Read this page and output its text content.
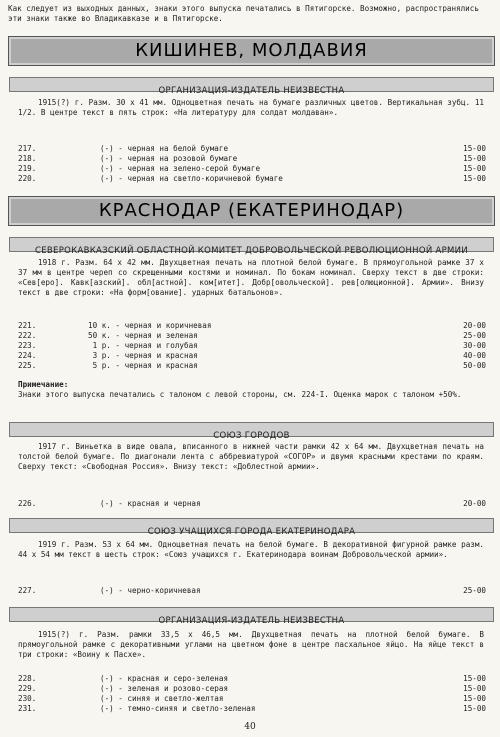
Как следует из выходных данных, знаки этого выпуска печатались в Пятигорске. Возможно, распространялись эти знаки также во Владикавказе и в Пятигорске.
КИШИНЕВ, МОЛДАВИЯ
ОРГАНИЗАЦИЯ-ИЗДАТЕЛЬ НЕИЗВЕСТНА
1915(?) г. Разм. 30 x 41 мм. Одноцветная печать на бумаге различных цветов. Вертикальная зубц. 11 1/2. В центре текст в пять строк: «На литературу для солдат молдаван».
217.	(-) - черная на белой бумаге	15-00
218.	(-) - черная на розовой бумаге	15-00
219.	(-) - черная на зелено-серой бумаге	15-00
220.	(-) - черная на светло-коричневой бумаге	15-00
КРАСНОДАР (ЕКАТЕРИНОДАР)
СЕВЕРОКАВКАЗСКИЙ ОБЛАСТНОЙ КОМИТЕТ ДОБРОВОЛЬЧЕСКОЙ РЕВОЛЮЦИОННОЙ АРМИИ
1918 г. Разм. 64 x 42 мм. Двухцветная печать на плотной белой бумаге. В прямоугольной рамке 37 x 37 мм в центре череп со скрещенными костями и номинал. По бокам номинал. Сверху текст в две строки: «Сев[еро]. Кавк[азский]. обл[астной]. ком[итет]. Добр[овольческой]. рев[олюционной]. Армии». Внизу текст в две строки: «На форм[ование]. ударных батальонов».
221.	10 к. - черная и коричневая	20-00
222.	50 к. - черная и зеленая	25-00
223.	1 р. - черная и голубая	30-00
224.	3 р. - черная и красная	40-00
225.	5 р. - черная и красная	50-00
Примечание:
Знаки этого выпуска печатались с талоном с левой стороны, см. 224-I. Оценка марок с талоном +50%.
СОЮЗ ГОРОДОВ
1917 г. Виньетка в виде овала, вписанного в нижней части рамки 42 x 64 мм. Двухцветная печать на толстой белой бумаге. По диагонали лента с аббревиатурой «СОГОР» и двумя красными крестами по краям. Сверху текст: «Свободная Россия». Внизу текст: «Доблестной армии».
226.	(-) - красная и черная	20-00
СОЮЗ УЧАЩИХСЯ ГОРОДА ЕКАТЕРИНОДАРА
1919 г. Разм. 53 x 64 мм. Одноцветная печать на белой бумаге. В декоративной фигурной рамке разм. 44 x 54 мм текст в шесть строк: «Союз учащихся г. Екатеринодара воинам Добровольческой армии».
227.	(-) - черно-коричневая	25-00
ОРГАНИЗАЦИЯ-ИЗДАТЕЛЬ НЕИЗВЕСТНА
1915(?) г. Разм. рамки 33,5 x 46,5 мм. Двухцветная печать на плотной белой бумаге. В прямоугольной рамке с декоративными углами на цветном фоне в центре пасхальное яйцо. На яйце текст в три строки: «Воину к Пасхе».
228.	(-) - красная и серо-зеленая	15-00
229.	(-) - зеленая и розово-серая	15-00
230.	(-) - синяя и светло-желтая	15-00
231.	(-) - темно-синяя и светло-зеленая	15-00
40
